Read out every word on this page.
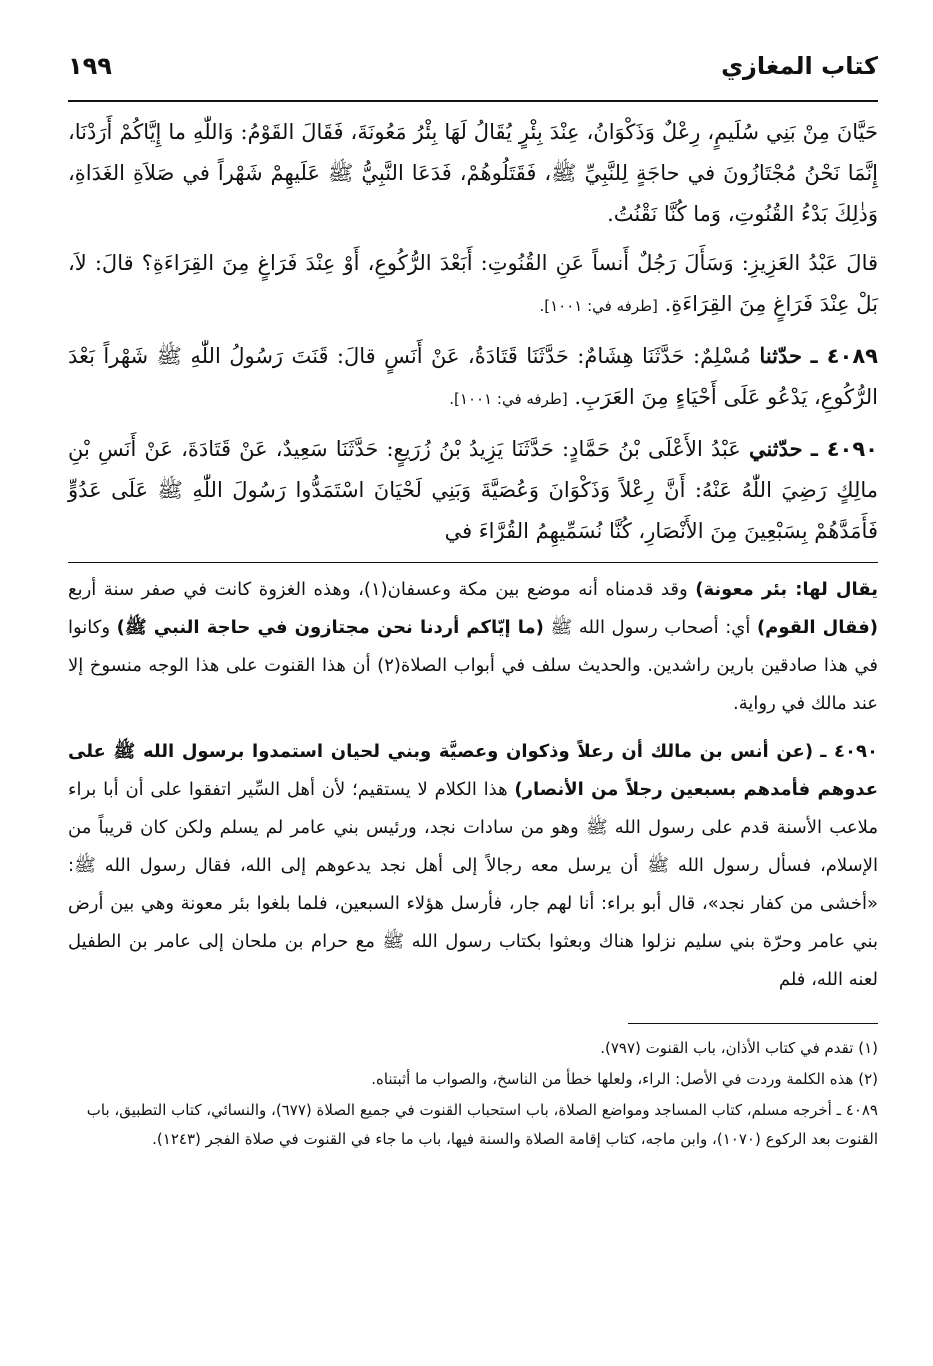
كتاب المغازي
١٩٩

حَيَّانَ مِنْ بَنِي سُلَيمٍ، رِعْلٌ وَذَكْوَانُ، عِنْدَ بِئْرٍ يُقَالُ لَهَا بِئْرُ مَعُونَةَ، فَقَالَ القَوْمُ: وَاللّٰهِ ما إِيَّاكُمْ أَرَدْنَا، إِنَّمَا نَحْنُ مُجْتَازُونَ في حاجَةٍ لِلنَّبِيِّ ﷺ، فَقَتَلُوهُمْ، فَدَعَا النَّبِيُّ ﷺ عَلَيهِمْ شَهْراً في صَلاَةِ الغَدَاةِ، وَذٰلِكَ بَدْءُ القُنُوتِ، وَما كُنَّا نَقْنُتُ.

قالَ عَبْدُ العَزِيزِ: وَسَأَلَ رَجُلٌ أَنساً عَنِ القُنُوتِ: أَبَعْدَ الرُّكُوعِ، أَوْ عِنْدَ فَرَاغٍ مِنَ القِرَاءَةِ؟ قالَ: لاَ، بَلْ عِنْدَ فَرَاغٍ مِنَ القِرَاءَةِ. [طرفه في: ١٠٠١].

٤٠٨٩ ـ حدّثنا مُسْلِمٌ: حَدَّثَنَا هِشَامٌ: حَدَّثَنَا قَتَادَةُ، عَنْ أَنَسٍ قالَ: قَنَتَ رَسُولُ اللّٰهِ ﷺ شَهْراً بَعْدَ الرُّكُوعِ، يَدْعُو عَلَى أَحْيَاءٍ مِنَ العَرَبِ. [طرفه في: ١٠٠١].

٤٠٩٠ ـ حدّثني عَبْدُ الأَعْلَى بْنُ حَمَّادٍ: حَدَّثَنَا يَزِيدُ بْنُ زُرَيعٍ: حَدَّثَنَا سَعِيدٌ، عَنْ قَتَادَةَ، عَنْ أَنَسِ بْنِ مالِكٍ رَضِيَ اللّٰهُ عَنْهُ: أَنَّ رِعْلاً وَذَكْوَانَ وَعُصَيَّةَ وَبَنِي لَحْيَانَ اسْتَمَدُّوا رَسُولَ اللّٰهِ ﷺ عَلَى عَدُوٍّ فَأَمَدَّهُمْ بِسَبْعِينَ مِنَ الأَنْصَارِ، كُنَّا نُسَمِّيهِمُ القُرَّاءَ في

يقال لها: بئر معونة) وقد قدمناه أنه موضع بين مكة وعسفان(١)، وهذه الغزوة كانت في صفر سنة أربع (فقال القوم) أي: أصحاب رسول الله ﷺ (ما إيّاكم أردنا نحن مجتازون في حاجة النبي ﷺ) وكانوا في هذا صادقين بارين راشدين. والحديث سلف في أبواب الصلاة(٢) أن هذا القنوت على هذا الوجه منسوخ إلا عند مالك في رواية.

٤٠٩٠ ـ (عن أنس بن مالك أن رعلاً وذكوان وعصيَّة وبني لحيان استمدوا برسول الله ﷺ على عدوهم فأمدهم بسبعين رجلاً من الأنصار) هذا الكلام لا يستقيم؛ لأن أهل السِّير اتفقوا على أن أبا براء ملاعب الأسنة قدم على رسول الله ﷺ وهو من سادات نجد، ورئيس بني عامر لم يسلم ولكن كان قريباً من الإسلام، فسأل رسول الله ﷺ أن يرسل معه رجالاً إلى أهل نجد يدعوهم إلى الله، فقال رسول الله ﷺ: «أخشى من كفار نجد»، قال أبو براء: أنا لهم جار، فأرسل هؤلاء السبعين، فلما بلغوا بئر معونة وهي بين أرض بني عامر وحرّة بني سليم نزلوا هناك وبعثوا بكتاب رسول الله ﷺ مع حرام بن ملحان إلى عامر بن الطفيل لعنه الله، فلم

(١) تقدم في كتاب الأذان، باب القنوت (٧٩٧).
(٢) هذه الكلمة وردت في الأصل: الراء، ولعلها خطأ من الناسخ، والصواب ما أثبتناه.
٤٠٨٩ ـ أخرجه مسلم، كتاب المساجد ومواضع الصلاة، باب استحباب القنوت في جميع الصلاة (٦٧٧)، والنسائي، كتاب التطبيق، باب القنوت بعد الركوع (١٠٧٠)، وابن ماجه، كتاب إقامة الصلاة والسنة فيها، باب ما جاء في القنوت في صلاة الفجر (١٢٤٣).
